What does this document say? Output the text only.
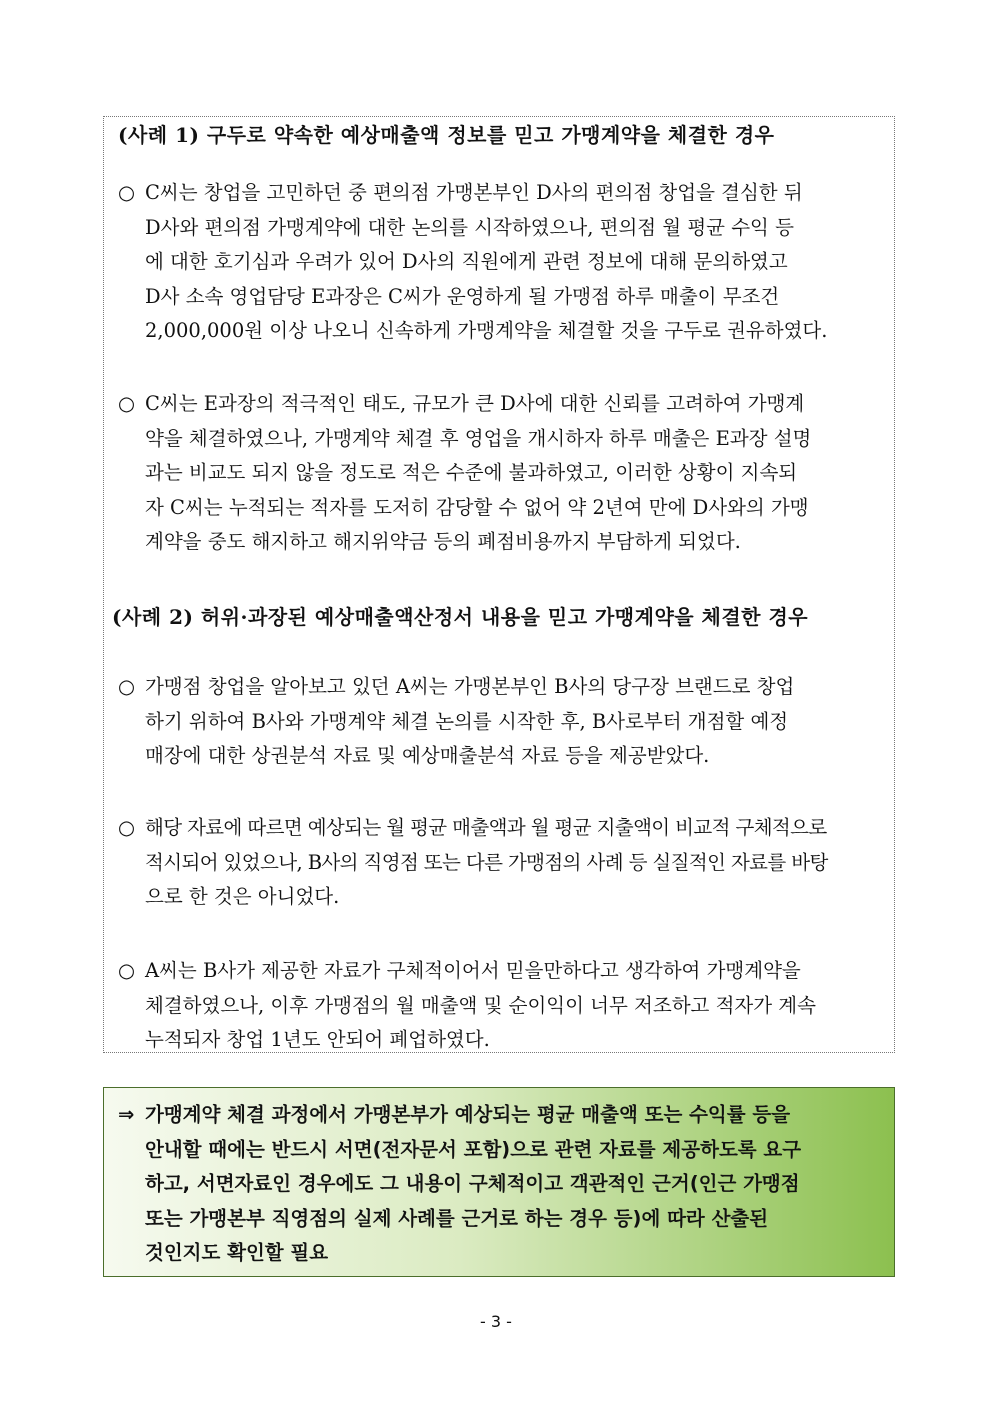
(사례 1) 구두로 약속한 예상매출액 정보를 믿고 가맹계약을 체결한 경우
○ C씨는 창업을 고민하던 중 편의점 가맹본부인 D사의 편의점 창업을 결심한 뒤
D사와 편의점 가맹계약에 대한 논의를 시작하였으나, 편의점 월 평균 수익 등
에 대한 호기심과 우려가 있어 D사의 직원에게 관련 정보에 대해 문의하였고
D사 소속 영업담당 E과장은 C씨가 운영하게 될 가맹점 하루 매출이 무조건
2,000,000원 이상 나오니 신속하게 가맹계약을 체결할 것을 구두로 권유하였다.
○ C씨는 E과장의 적극적인 태도, 규모가 큰 D사에 대한 신뢰를 고려하여 가맹계
약을 체결하였으나, 가맹계약 체결 후 영업을 개시하자 하루 매출은 E과장 설명
과는 비교도 되지 않을 정도로 적은 수준에 불과하였고, 이러한 상황이 지속되
자 C씨는 누적되는 적자를 도저히 감당할 수 없어 약 2년여 만에 D사와의 가맹
계약을 중도 해지하고 해지위약금 등의 폐점비용까지 부담하게 되었다.
(사례 2) 허위·과장된 예상매출액산정서 내용을 믿고 가맹계약을 체결한 경우
○ 가맹점 창업을 알아보고 있던 A씨는 가맹본부인 B사의 당구장 브랜드로 창업
하기 위하여 B사와 가맹계약 체결 논의를 시작한 후, B사로부터 개점할 예정
매장에 대한 상권분석 자료 및 예상매출분석 자료 등을 제공받았다.
○ 해당 자료에 따르면 예상되는 월 평균 매출액과 월 평균 지출액이 비교적 구체적으로
적시되어 있었으나, B사의 직영점 또는 다른 가맹점의 사례 등 실질적인 자료를 바탕
으로 한 것은 아니었다.
○ A씨는 B사가 제공한 자료가 구체적이어서 믿을만하다고 생각하여 가맹계약을
체결하였으나, 이후 가맹점의 월 매출액 및 순이익이 너무 저조하고 적자가 계속
누적되자 창업 1년도 안되어 폐업하였다.
⇒ 가맹계약 체결 과정에서 가맹본부가 예상되는 평균 매출액 또는 수익률 등을
안내할 때에는 반드시 서면(전자문서 포함)으로 관련 자료를 제공하도록 요구
하고, 서면자료인 경우에도 그 내용이 구체적이고 객관적인 근거(인근 가맹점
또는 가맹본부 직영점의 실제 사례를 근거로 하는 경우 등)에 따라 산출된
것인지도 확인할 필요
- 3 -
